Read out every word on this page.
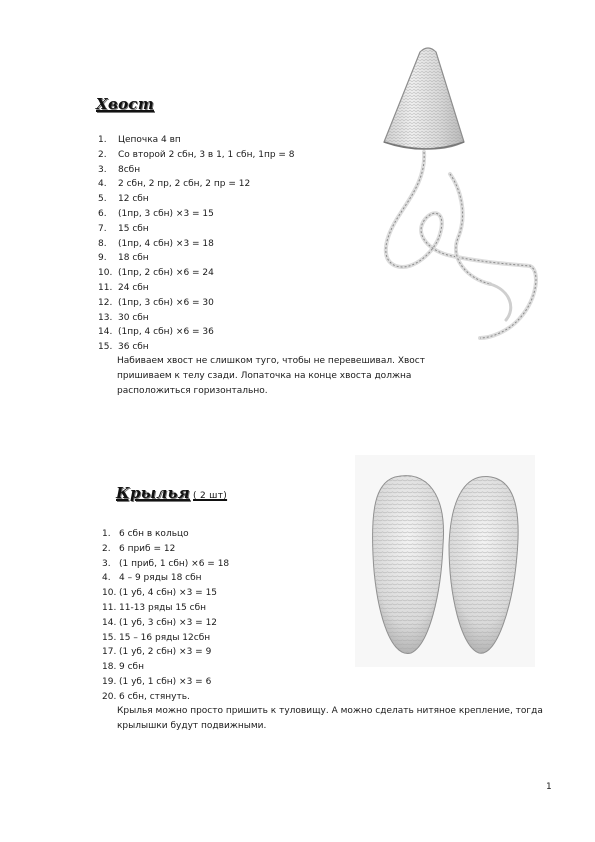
Хвост
1. Цепочка 4 вп
2. Со второй 2 сбн, 3 в 1, 1 сбн, 1пр = 8
3. 8сбн
4. 2 сбн, 2 пр, 2 сбн, 2 пр = 12
5. 12 сбн
6. (1пр, 3 сбн) ×3 = 15
7. 15 сбн
8. (1пр, 4 сбн) ×3 = 18
9. 18 сбн
10. (1пр, 2 сбн) ×6 = 24
11. 24 сбн
12. (1пр, 3 сбн) ×6 = 30
13. 30 сбн
14. (1пр, 4 сбн) ×6 = 36
15. 36 сбн

Набиваем хвост не слишком туго, чтобы не перевешивал. Хвост пришиваем к телу сзади. Лопаточка на конце хвоста должна расположиться горизонтально.

Крылья ( 2 шт)
1. 6 сбн в кольцо
2. 6 приб = 12
3. (1 приб, 1 сбн) ×6 = 18
4. 4 – 9 ряды 18 сбн
10. (1 уб, 4 сбн) ×3 = 15
11. 11-13 ряды 15 сбн
14. (1 уб, 3 сбн) ×3 = 12
15. 15 – 16 ряды 12сбн
17. (1 уб, 2 сбн) ×3 = 9
18. 9 сбн
19. (1 уб, 1 сбн) ×3 = 6
20. 6 сбн, стянуть.

Крылья можно просто пришить к туловищу. А можно сделать нитяное крепление, тогда крылышки будут подвижными.

1
